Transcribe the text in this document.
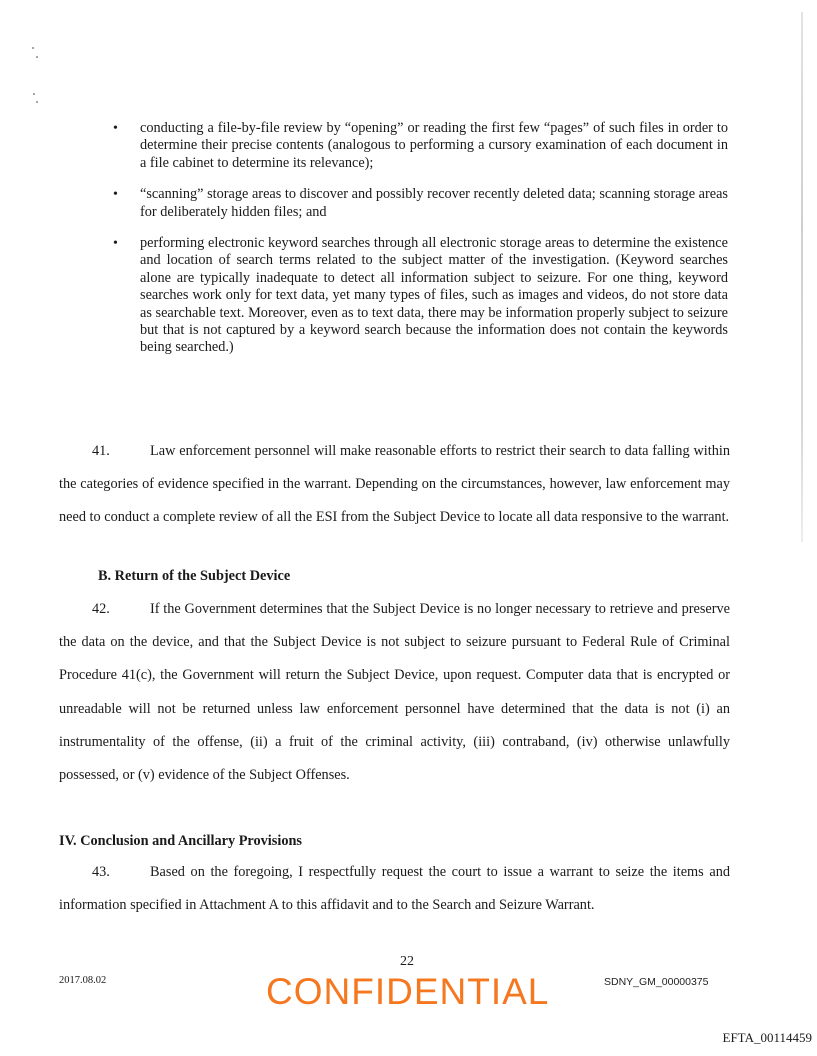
• conducting a file-by-file review by “opening” or reading the first few “pages” of such files in order to determine their precise contents (analogous to performing a cursory examination of each document in a file cabinet to determine its relevance);
• “scanning” storage areas to discover and possibly recover recently deleted data; scanning storage areas for deliberately hidden files; and
• performing electronic keyword searches through all electronic storage areas to determine the existence and location of search terms related to the subject matter of the investigation. (Keyword searches alone are typically inadequate to detect all information subject to seizure. For one thing, keyword searches work only for text data, yet many types of files, such as images and videos, do not store data as searchable text. Moreover, even as to text data, there may be information properly subject to seizure but that is not captured by a keyword search because the information does not contain the keywords being searched.)

41.	Law enforcement personnel will make reasonable efforts to restrict their search to data falling within the categories of evidence specified in the warrant. Depending on the circumstances, however, law enforcement may need to conduct a complete review of all the ESI from the Subject Device to locate all data responsive to the warrant.

B. Return of the Subject Device

42.	If the Government determines that the Subject Device is no longer necessary to retrieve and preserve the data on the device, and that the Subject Device is not subject to seizure pursuant to Federal Rule of Criminal Procedure 41(c), the Government will return the Subject Device, upon request. Computer data that is encrypted or unreadable will not be returned unless law enforcement personnel have determined that the data is not (i) an instrumentality of the offense, (ii) a fruit of the criminal activity, (iii) contraband, (iv) otherwise unlawfully possessed, or (v) evidence of the Subject Offenses.

IV. Conclusion and Ancillary Provisions

43.	Based on the foregoing, I respectfully request the court to issue a warrant to seize the items and information specified in Attachment A to this affidavit and to the Search and Seizure Warrant.

22
2017.08.02	CONFIDENTIAL	SDNY_GM_00000375
EFTA_00114459
